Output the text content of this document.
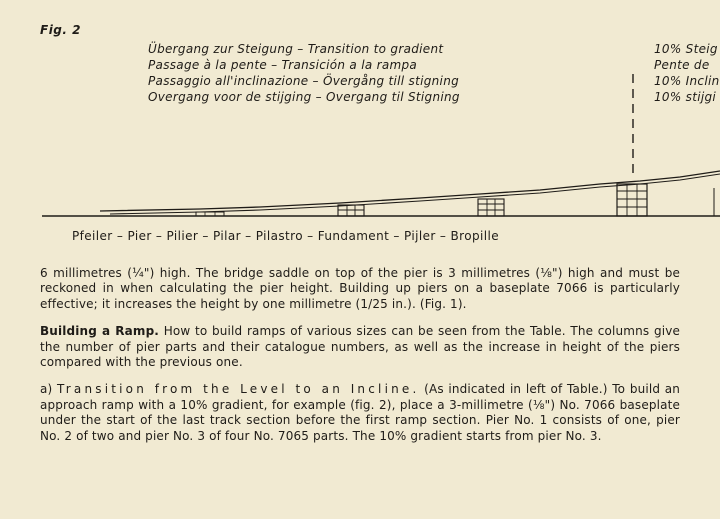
Fig. 2
Übergang zur Steigung – Transition to gradient
Passage à la pente – Transición a la rampa
Passaggio all'inclinazione – Övergång till stigning
Overgang voor de stijging – Overgang til Stigning
10% Steig
Pente de
10% Inclin
10% stijgi
Pfeiler – Pier – Pilier – Pilar – Pilastro – Fundament – Pijler – Bropille

6 millimetres (¼") high. The bridge saddle on top of the pier is 3 millimetres (⅛") high and must be reckoned in when calculating the pier height. Building up piers on a baseplate 7066 is particularly effective; it increases the height by one millimetre (1/25 in.). (Fig. 1).

Building a Ramp. How to build ramps of various sizes can be seen from the Table. The columns give the number of pier parts and their catalogue numbers, as well as the increase in height of the piers compared with the previous one.

a) Transition from the Level to an Incline. (As indicated in left of Table.) To build an approach ramp with a 10% gradient, for example (fig. 2), place a 3-millimetre (⅛") No. 7066 baseplate under the start of the last track section before the first ramp section. Pier No. 1 consists of one, pier No. 2 of two and pier No. 3 of four No. 7065 parts. The 10% gradient starts from pier No. 3.
